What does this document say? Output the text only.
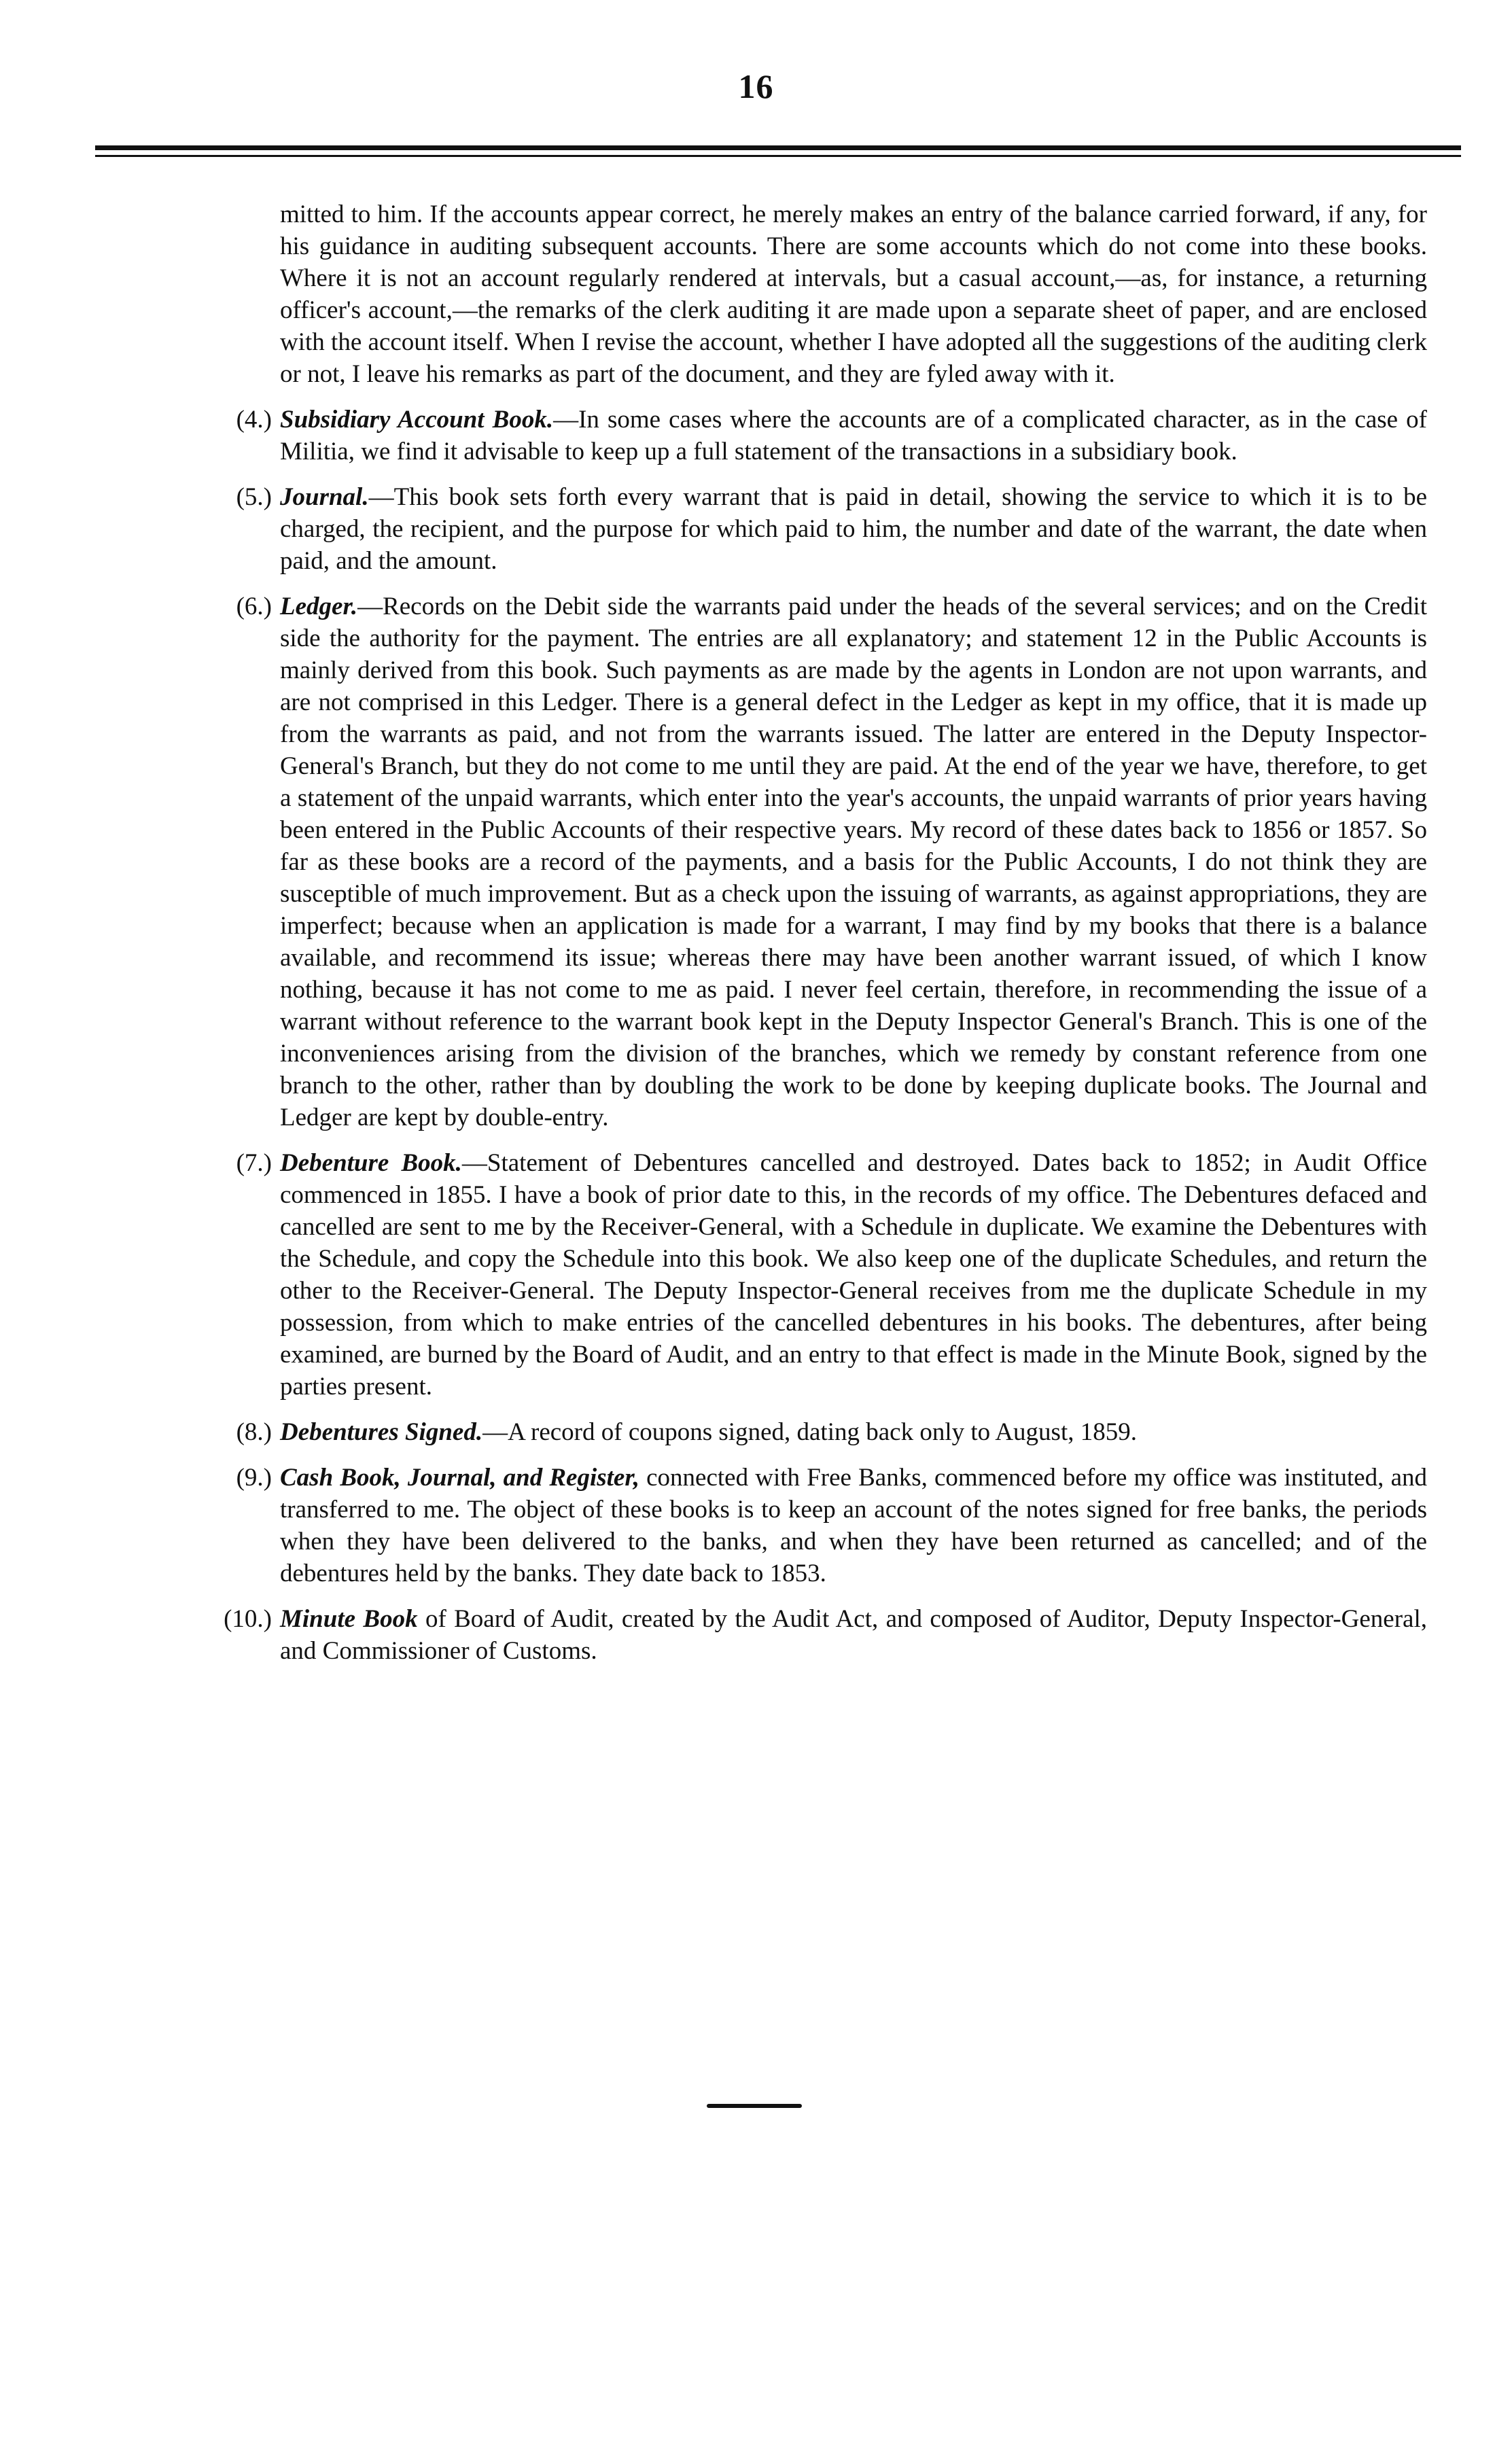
16

mitted to him. If the accounts appear correct, he merely makes an entry of the balance carried forward, if any, for his guidance in auditing subsequent accounts. There are some accounts which do not come into these books. Where it is not an account regularly rendered at intervals, but a casual account,—as, for instance, a returning officer's account,—the remarks of the clerk auditing it are made upon a separate sheet of paper, and are enclosed with the account itself. When I revise the account, whether I have adopted all the suggestions of the auditing clerk or not, I leave his remarks as part of the document, and they are fyled away with it.

(4.) Subsidiary Account Book.—In some cases where the accounts are of a complicated character, as in the case of Militia, we find it advisable to keep up a full statement of the transactions in a subsidiary book.
(5.) Journal.—This book sets forth every warrant that is paid in detail, showing the service to which it is to be charged, the recipient, and the purpose for which paid to him, the number and date of the warrant, the date when paid, and the amount.
(6.) Ledger.—Records on the Debit side the warrants paid under the heads of the several services; and on the Credit side the authority for the payment. The entries are all explanatory; and statement 12 in the Public Accounts is mainly derived from this book. Such payments as are made by the agents in London are not upon warrants, and are not comprised in this Ledger. There is a general defect in the Ledger as kept in my office, that it is made up from the warrants as paid, and not from the warrants issued. The latter are entered in the Deputy Inspector-General's Branch, but they do not come to me until they are paid. At the end of the year we have, therefore, to get a statement of the unpaid warrants, which enter into the year's accounts, the unpaid warrants of prior years having been entered in the Public Accounts of their respective years. My record of these dates back to 1856 or 1857. So far as these books are a record of the payments, and a basis for the Public Accounts, I do not think they are susceptible of much improvement. But as a check upon the issuing of warrants, as against appropriations, they are imperfect; because when an application is made for a warrant, I may find by my books that there is a balance available, and recommend its issue; whereas there may have been another warrant issued, of which I know nothing, because it has not come to me as paid. I never feel certain, therefore, in recommending the issue of a warrant without reference to the warrant book kept in the Deputy Inspector General's Branch. This is one of the inconveniences arising from the division of the branches, which we remedy by constant reference from one branch to the other, rather than by doubling the work to be done by keeping duplicate books. The Journal and Ledger are kept by double-entry.
(7.) Debenture Book.—Statement of Debentures cancelled and destroyed. Dates back to 1852; in Audit Office commenced in 1855. I have a book of prior date to this, in the records of my office. The Debentures defaced and cancelled are sent to me by the Receiver-General, with a Schedule in duplicate. We examine the Debentures with the Schedule, and copy the Schedule into this book. We also keep one of the duplicate Schedules, and return the other to the Receiver-General. The Deputy Inspector-General receives from me the duplicate Schedule in my possession, from which to make entries of the cancelled debentures in his books. The debentures, after being examined, are burned by the Board of Audit, and an entry to that effect is made in the Minute Book, signed by the parties present.
(8.) Debentures Signed.—A record of coupons signed, dating back only to August, 1859.
(9.) Cash Book, Journal, and Register, connected with Free Banks, commenced before my office was instituted, and transferred to me. The object of these books is to keep an account of the notes signed for free banks, the periods when they have been delivered to the banks, and when they have been returned as cancelled; and of the debentures held by the banks. They date back to 1853.
(10.) Minute Book of Board of Audit, created by the Audit Act, and composed of Auditor, Deputy Inspector-General, and Commissioner of Customs.
